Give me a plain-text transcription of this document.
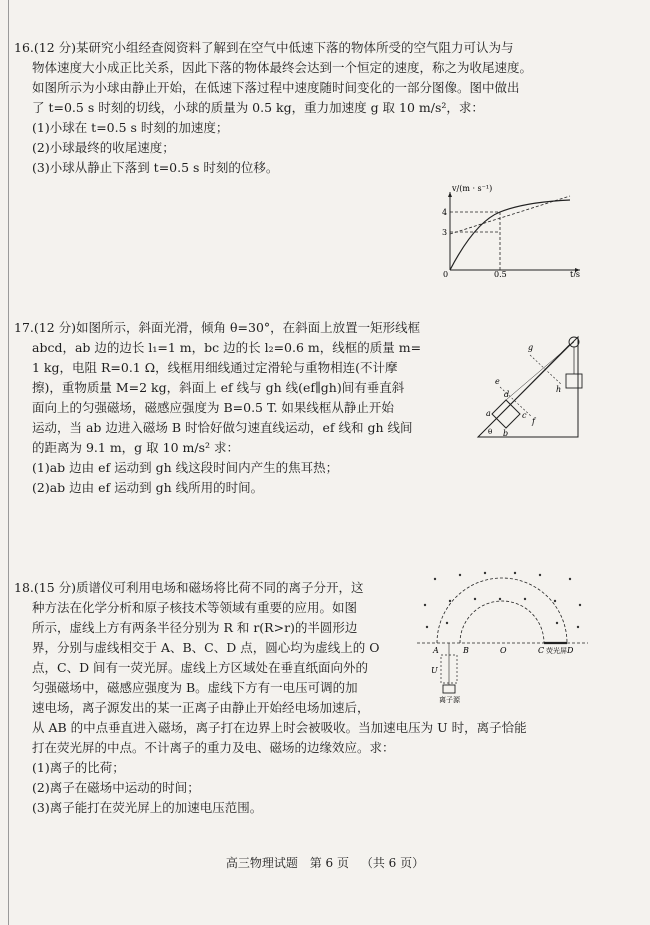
16.(12 分)某研究小组经查阅资料了解到在空气中低速下落的物体所受的空气阻力可认为与

物体速度大小成正比关系，因此下落的物体最终会达到一个恒定的速度，称之为收尾速度。

如图所示为小球由静止开始，在低速下落过程中速度随时间变化的一部分图像。图中做出

了 t=0.5 s 时刻的切线，小球的质量为 0.5 kg，重力加速度 g 取 10 m/s²，求：

(1)小球在 t=0.5 s 时刻的加速度；

(2)小球最终的收尾速度；

(3)小球从静止下落到 t=0.5 s 时刻的位移。

v/(m · s⁻¹)
t/s
4
3
0	0.5

17.(12 分)如图所示，斜面光滑，倾角 θ=30°，在斜面上放置一矩形线框

abcd，ab 边的边长 l₁=1 m，bc 边的长 l₂=0.6 m，线框的质量 m=

1 kg，电阻 R=0.1 Ω，线框用细线通过定滑轮与重物相连(不计摩

擦)，重物质量 M=2 kg，斜面上 ef 线与 gh 线(ef∥gh)间有垂直斜

面向上的匀强磁场，磁感应强度为 B=0.5 T. 如果线框从静止开始

运动，当 ab 边进入磁场 B 时恰好做匀速直线运动，ef 线和 gh 线间

的距离为 9.1 m，g 取 10 m/s² 求：

(1)ab 边由 ef 运动到 gh 线这段时间内产生的焦耳热；

(2)ab 边由 ef 运动到 gh 线所用的时间。

g
h
e
a
b
c
d
f
θ

18.(15 分)质谱仪可利用电场和磁场将比荷不同的离子分开，这

种方法在化学分析和原子核技术等领域有重要的应用。如图

所示，虚线上方有两条半径分别为 R 和 r(R>r)的半圆形边

界，分别与虚线相交于 A、B、C、D 点，圆心均为虚线上的 O

点，C、D 间有一荧光屏。虚线上方区域处在垂直纸面向外的

匀强磁场中，磁感应强度为 B。虚线下方有一电压可调的加

速电场，离子源发出的某一正离子由静止开始经电场加速后，

从 AB 的中点垂直进入磁场，离子打在边界上时会被吸收。当加速电压为 U 时，离子恰能

打在荧光屏的中点。不计离子的重力及电、磁场的边缘效应。求：

(1)离子的比荷；

(2)离子在磁场中运动的时间；

(3)离子能打在荧光屏上的加速电压范围。

A	B	O	C 荧光屏 D
U
离子源
高三物理试题 第 6 页 （共 6 页）
